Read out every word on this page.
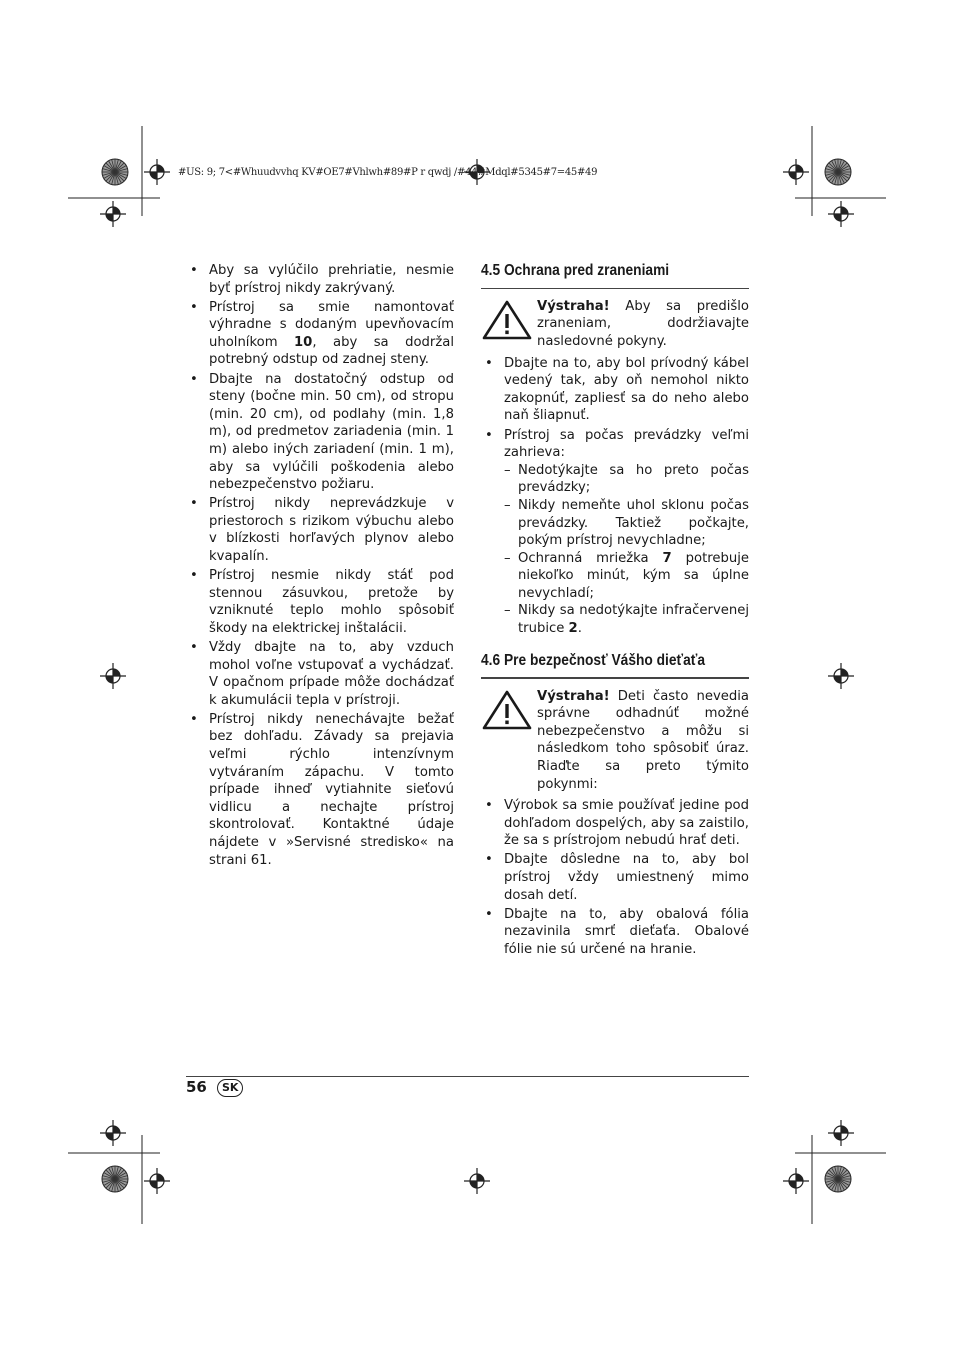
#US: 9; 7<#Whuudvvhq KV#OE7#Vhlwh#89#P r qwdj /#44#Mdql#5345#7=45#49
• Aby sa vylúčilo prehriatie, nesmie byť prístroj nikdy zakrývaný.
• Prístroj sa smie namontovať výhradne s dodaným upevňovacím uholníkom 10, aby sa dodržal potrebný odstup od zadnej steny.
• Dbajte na dostatočný odstup od steny (bočne min. 50 cm), od stropu (min. 20 cm), od podlahy (min. 1,8 m), od predmetov zariadenia (min. 1 m) alebo iných zariadení (min. 1 m), aby sa vylúčili poškodenia alebo nebezpečenstvo požiaru.
• Prístroj nikdy neprevádzkuje v priestoroch s rizikom výbuchu alebo v blízkosti horľavých plynov alebo kvapalín.
• Prístroj nesmie nikdy stáť pod stennou zásuvkou, pretože by vzniknuté teplo mohlo spôsobiť škody na elektrickej inštalácii.
• Vždy dbajte na to, aby vzduch mohol voľne vstupovať a vychádzať. V opačnom prípade môže dochádzať k akumulácii tepla v prístroji.
• Prístroj nikdy nenechávajte bežať bez dohľadu. Závady sa prejavia veľmi rýchlo intenzívnym vytváraním zápachu. V tomto prípade ihneď vytiahnite sieťovú vidlicu a nechajte prístroj skontrolovať. Kontaktné údaje nájdete v »Servisné stredisko« na strani 61.
4.5 Ochrana pred zraneniami
Výstraha! Aby sa predišlo zraneniam, dodržiavajte nasledovné pokyny.
• Dbajte na to, aby bol prívodný kábel vedený tak, aby oň nemohol nikto zakopnúť, zapliesť sa do neho alebo naň šliapnuť.
• Prístroj sa počas prevádzky veľmi zahrieva:
– Nedotýkajte sa ho preto počas prevádzky;
– Nikdy nemeňte uhol sklonu počas prevádzky. Taktiež počkajte, pokým prístroj nevychladne;
– Ochranná mriežka 7 potrebuje niekoľko minút, kým sa úplne nevychladí;
– Nikdy sa nedotýkajte infračervenej trubice 2.
4.6 Pre bezpečnosť Vášho dieťaťa
Výstraha! Deti často nevedia správne odhadnúť možné nebezpečenstvo a môžu si následkom toho spôsobiť úraz. Riaďte sa preto týmito pokynmi:
• Výrobok sa smie používať jedine pod dohľadom dospelých, aby sa zaistilo, že sa s prístrojom nebudú hrať deti.
• Dbajte dôsledne na to, aby bol prístroj vždy umiestnený mimo dosah detí.
• Dbajte na to, aby obalová fólia nezavinila smrť dieťaťa. Obalové fólie nie sú určené na hranie.
56	SK
